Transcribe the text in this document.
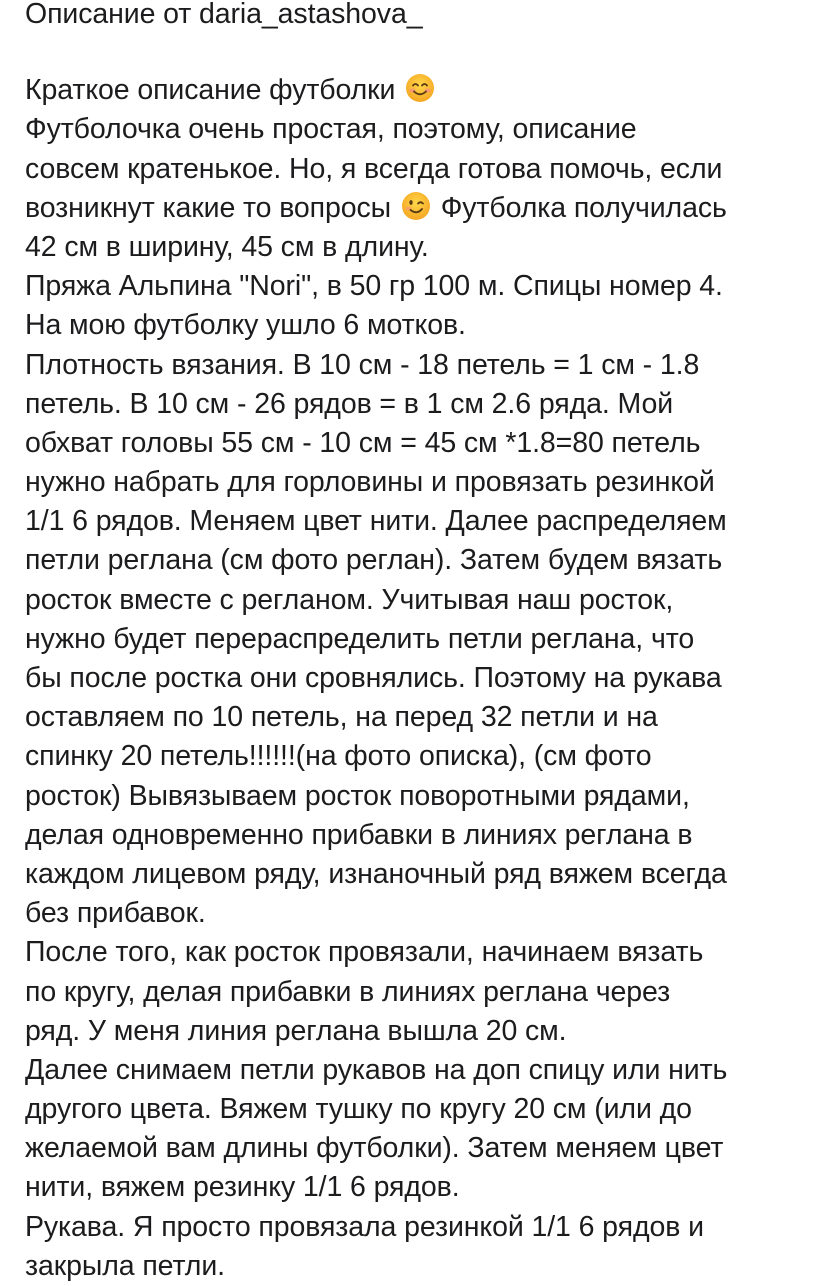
Описание от daria_astashova_
Краткое описание футболки
Футболочка очень простая, поэтому, описание
совсем кратенькое. Но, я всегда готова помочь, если
возникнут какие то вопросы Футболка получилась
42 см в ширину, 45 см в длину.
Пряжа Альпина "Nori", в 50 гр 100 м. Спицы номер 4.
На мою футболку ушло 6 мотков.
Плотность вязания. В 10 см - 18 петель = 1 см - 1.8
петель. В 10 см - 26 рядов = в 1 см 2.6 ряда. Мой
обхват головы 55 см - 10 см = 45 см *1.8=80 петель
нужно набрать для горловины и провязать резинкой
1/1 6 рядов. Меняем цвет нити. Далее распределяем
петли реглана (см фото реглан). Затем будем вязать
росток вместе с регланом. Учитывая наш росток,
нужно будет перераспределить петли реглана, что
бы после ростка они сровнялись. Поэтому на рукава
оставляем по 10 петель, на перед 32 петли и на
спинку 20 петель!!!!!!(на фото описка), (см фото
росток) Вывязываем росток поворотными рядами,
делая одновременно прибавки в линиях реглана в
каждом лицевом ряду, изнаночный ряд вяжем всегда
без прибавок.
После того, как росток провязали, начинаем вязать
по кругу, делая прибавки в линиях реглана через
ряд. У меня линия реглана вышла 20 см.
Далее снимаем петли рукавов на доп спицу или нить
другого цвета. Вяжем тушку по кругу 20 см (или до
желаемой вам длины футболки). Затем меняем цвет
нити, вяжем резинку 1/1 6 рядов.
Рукава. Я просто провязала резинкой 1/1 6 рядов и
закрыла петли.
